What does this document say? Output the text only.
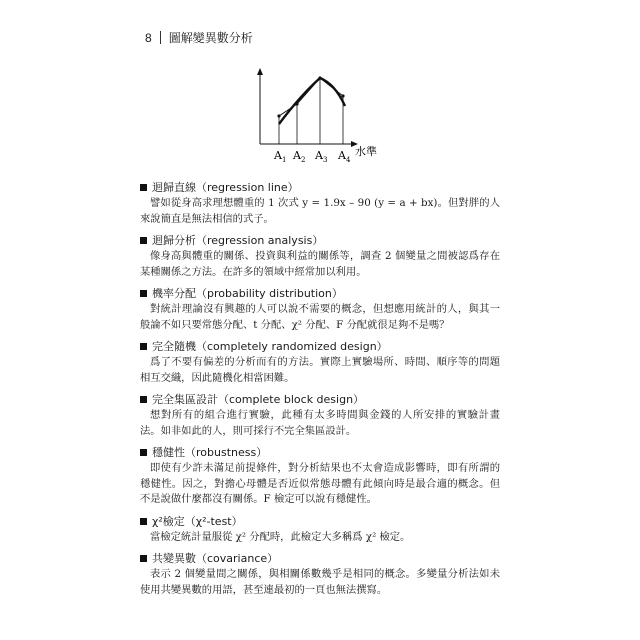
8 圖解變異數分析
$A_1$ $A_2$ $A_3$ $A_4$
水準
迴歸直線 （regression line）
譬如從身高求理想體重的 1 次式 y = 1.9x – 90 (y = a + bx)。但對胖的人來說簡直是無法相信的式子。
迴歸分析 （regression analysis）
像身高與體重的關係、投資與利益的關係等，調查 2 個變量之間被認爲存在某種關係之方法。在許多的領域中經常加以利用。
機率分配 （probability distribution）
對統計理論沒有興趣的人可以說不需要的概念，但想應用統計的人，與其一般論不如只要常態分配、t 分配、χ² 分配、F 分配就很足夠不是嗎？
完全隨機 （completely randomized design）
爲了不要有偏差的分析而有的方法。實際上實驗場所、時間、順序等的問題相互交織，因此隨機化相當困難。
完全集區設計 （complete block design）
想對所有的組合進行實驗，此種有太多時間與金錢的人所安排的實驗計畫法。如非如此的人，則可採行不完全集區設計。
穩健性 （robustness）
即使有少許未滿足前提條件，對分析結果也不太會造成影響時，即有所謂的穩健性。因之，對擔心母體是否近似常態母體有此傾向時是最合適的概念。但不是說做什麼都沒有關係。F 檢定可以說有穩健性。
χ²檢定 （χ²-test）
當檢定統計量服從 χ² 分配時，此檢定大多稱爲 χ² 檢定。
共變異數 （covariance）
表示 2 個變量間之關係，與相關係數幾乎是相同的概念。多變量分析法如未使用共變異數的用語，甚至連最初的一頁也無法撰寫。
